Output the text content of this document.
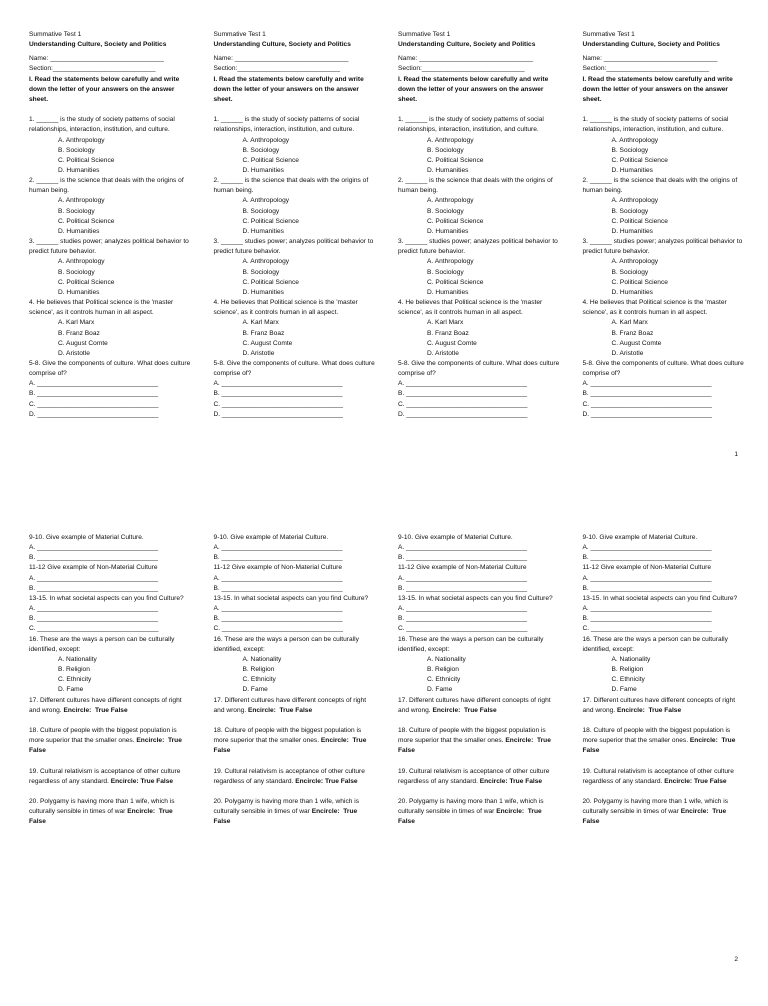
Summative Test 1
Understanding Culture, Society and Politics
Name: _______________________________
Section:____________________________
I. Read the statements below carefully and write down the letter of your answers on the answer sheet.
1. ______ is the study of society patterns of social relationships, interaction, institution, and culture.
A. Anthropology
B. Sociology
C. Political Science
D. Humanities
2. ______ is the science that deals with the origins of human being.
A. Anthropology
B. Sociology
C. Political Science
D. Humanities
3. ______ studies power; analyzes political behavior to predict future behavior.
A. Anthropology
B. Sociology
C. Political Science
D. Humanities
4. He believes that Political science is the 'master science', as it controls human in all aspect.
A. Karl Marx
B. Franz Boaz
C. August Comte
D. Aristotle
5-8. Give the components of culture. What does culture comprise of?
A. _________________________________
B. _________________________________
C. _________________________________
D. _________________________________
Summative Test 1
Understanding Culture, Society and Politics
Name: _______________________________
Section:____________________________
I. Read the statements below carefully and write down the letter of your answers on the answer sheet.
1. ______ is the study of society patterns of social relationships, interaction, institution, and culture.
A. Anthropology
B. Sociology
C. Political Science
D. Humanities
2. ______ is the science that deals with the origins of human being.
A. Anthropology
B. Sociology
C. Political Science
D. Humanities
3. ______ studies power; analyzes political behavior to predict future behavior.
A. Anthropology
B. Sociology
C. Political Science
D. Humanities
4. He believes that Political science is the 'master science', as it controls human in all aspect.
A. Karl Marx
B. Franz Boaz
C. August Comte
D. Aristotle
5-8. Give the components of culture. What does culture comprise of?
A. _________________________________
B. _________________________________
C. _________________________________
D. _________________________________
Summative Test 1
Understanding Culture, Society and Politics
Name: _______________________________
Section:____________________________
I. Read the statements below carefully and write down the letter of your answers on the answer sheet.
1. ______ is the study of society patterns of social relationships, interaction, institution, and culture.
A. Anthropology
B. Sociology
C. Political Science
D. Humanities
2. ______ is the science that deals with the origins of human being.
A. Anthropology
B. Sociology
C. Political Science
D. Humanities
3. ______ studies power; analyzes political behavior to predict future behavior.
A. Anthropology
B. Sociology
C. Political Science
D. Humanities
4. He believes that Political science is the 'master science', as it controls human in all aspect.
A. Karl Marx
B. Franz Boaz
C. August Comte
D. Aristotle
5-8. Give the components of culture. What does culture comprise of?
A. _________________________________
B. _________________________________
C. _________________________________
D. _________________________________
Summative Test 1
Understanding Culture, Society and Politics
Name: _______________________________
Section:____________________________
I. Read the statements below carefully and write down the letter of your answers on the answer sheet.
1. ______ is the study of society patterns of social relationships, interaction, institution, and culture.
A. Anthropology
B. Sociology
C. Political Science
D. Humanities
2. ______ is the science that deals with the origins of human being.
A. Anthropology
B. Sociology
C. Political Science
D. Humanities
3. ______ studies power; analyzes political behavior to predict future behavior.
A. Anthropology
B. Sociology
C. Political Science
D. Humanities
4. He believes that Political science is the 'master science', as it controls human in all aspect.
A. Karl Marx
B. Franz Boaz
C. August Comte
D. Aristotle
5-8. Give the components of culture. What does culture comprise of?
A. _________________________________
B. _________________________________
C. _________________________________
D. _________________________________
1
9-10. Give example of Material Culture.
A. _________________________________
B. _________________________________
11-12 Give example of Non-Material Culture
A. _________________________________
B. _________________________________
13-15. In what societal aspects can you find Culture?
A. _________________________________
B. _________________________________
C. _________________________________
16. These are the ways a person can be culturally identified, except:
A. Nationality
B. Religion
C. Ethnicity
D. Fame
17. Different cultures have different concepts of right and wrong. Encircle: True False
18. Culture of people with the biggest population is more superior that the smaller ones. Encircle: True False
19. Cultural relativism is acceptance of other culture regardless of any standard. Encircle: True False
20. Polygamy is having more than 1 wife, which is culturally sensible in times of war Encircle: True False
9-10. Give example of Material Culture.
A. _________________________________
B. _________________________________
11-12 Give example of Non-Material Culture
A. _________________________________
B. _________________________________
13-15. In what societal aspects can you find Culture?
A. _________________________________
B. _________________________________
C. _________________________________
16. These are the ways a person can be culturally identified, except:
A. Nationality
B. Religion
C. Ethnicity
D. Fame
17. Different cultures have different concepts of right and wrong. Encircle: True False
18. Culture of people with the biggest population is more superior that the smaller ones. Encircle: True False
19. Cultural relativism is acceptance of other culture regardless of any standard. Encircle: True False
20. Polygamy is having more than 1 wife, which is culturally sensible in times of war Encircle: True False
9-10. Give example of Material Culture.
A. _________________________________
B. _________________________________
11-12 Give example of Non-Material Culture
A. _________________________________
B. _________________________________
13-15. In what societal aspects can you find Culture?
A. _________________________________
B. _________________________________
C. _________________________________
16. These are the ways a person can be culturally identified, except:
A. Nationality
B. Religion
C. Ethnicity
D. Fame
17. Different cultures have different concepts of right and wrong. Encircle: True False
18. Culture of people with the biggest population is more superior that the smaller ones. Encircle: True False
19. Cultural relativism is acceptance of other culture regardless of any standard. Encircle: True False
20. Polygamy is having more than 1 wife, which is culturally sensible in times of war Encircle: True False
9-10. Give example of Material Culture.
A. _________________________________
B. _________________________________
11-12 Give example of Non-Material Culture
A. _________________________________
B. _________________________________
13-15. In what societal aspects can you find Culture?
A. _________________________________
B. _________________________________
C. _________________________________
16. These are the ways a person can be culturally identified, except:
A. Nationality
B. Religion
C. Ethnicity
D. Fame
17. Different cultures have different concepts of right and wrong. Encircle: True False
18. Culture of people with the biggest population is more superior that the smaller ones. Encircle: True False
19. Cultural relativism is acceptance of other culture regardless of any standard. Encircle: True False
20. Polygamy is having more than 1 wife, which is culturally sensible in times of war Encircle: True False
2
